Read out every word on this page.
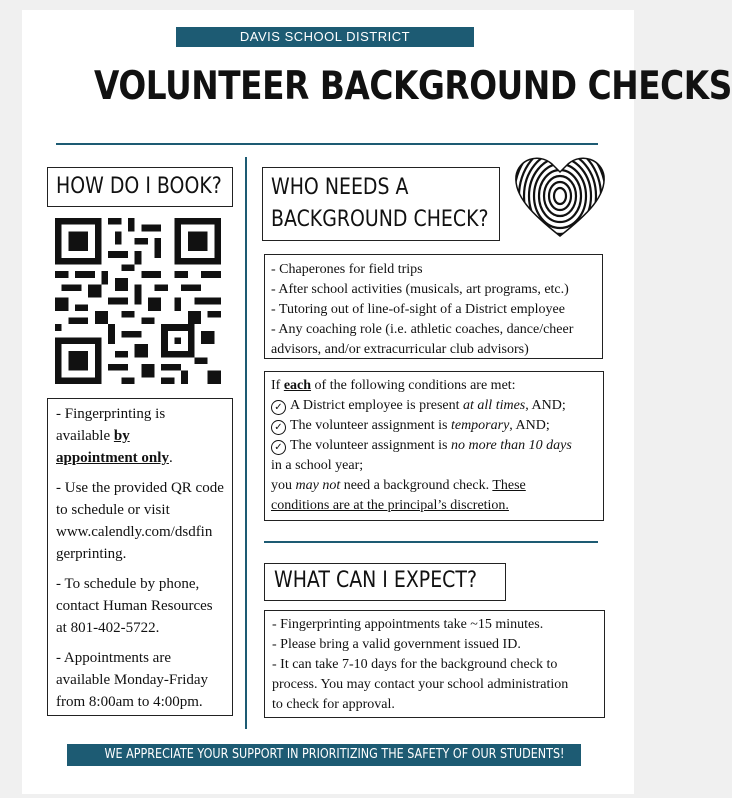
DAVIS SCHOOL DISTRICT
VOLUNTEER BACKGROUND CHECKS
HOW DO I BOOK?

- Fingerprinting is available by appointment only.

- Use the provided QR code to schedule or visit www.calendly.com/dsdfin gerprinting.

- To schedule by phone, contact Human Resources at 801-402-5722.

- Appointments are available Monday-Friday from 8:00am to 4:00pm.

WHO NEEDS A
BACKGROUND CHECK?
- Chaperones for field trips
- After school activities (musicals, art programs, etc.)
- Tutoring out of line-of-sight of a District employee
- Any coaching role (i.e. athletic coaches, dance/cheer
advisors, and/or extracurricular club advisors)
If each of the following conditions are met:
✓ A District employee is present at all times, AND;
✓ The volunteer assignment is temporary, AND;
✓ The volunteer assignment is no more than 10 days
in a school year;
you may not need a background check. These
conditions are at the principal’s discretion.
WHAT CAN I EXPECT?
- Fingerprinting appointments take ~15 minutes.
- Please bring a valid government issued ID.
- It can take 7-10 days for the background check to
process. You may contact your school administration
to check for approval.
WE APPRECIATE YOUR SUPPORT IN PRIORITIZING THE SAFETY OF OUR STUDENTS!
